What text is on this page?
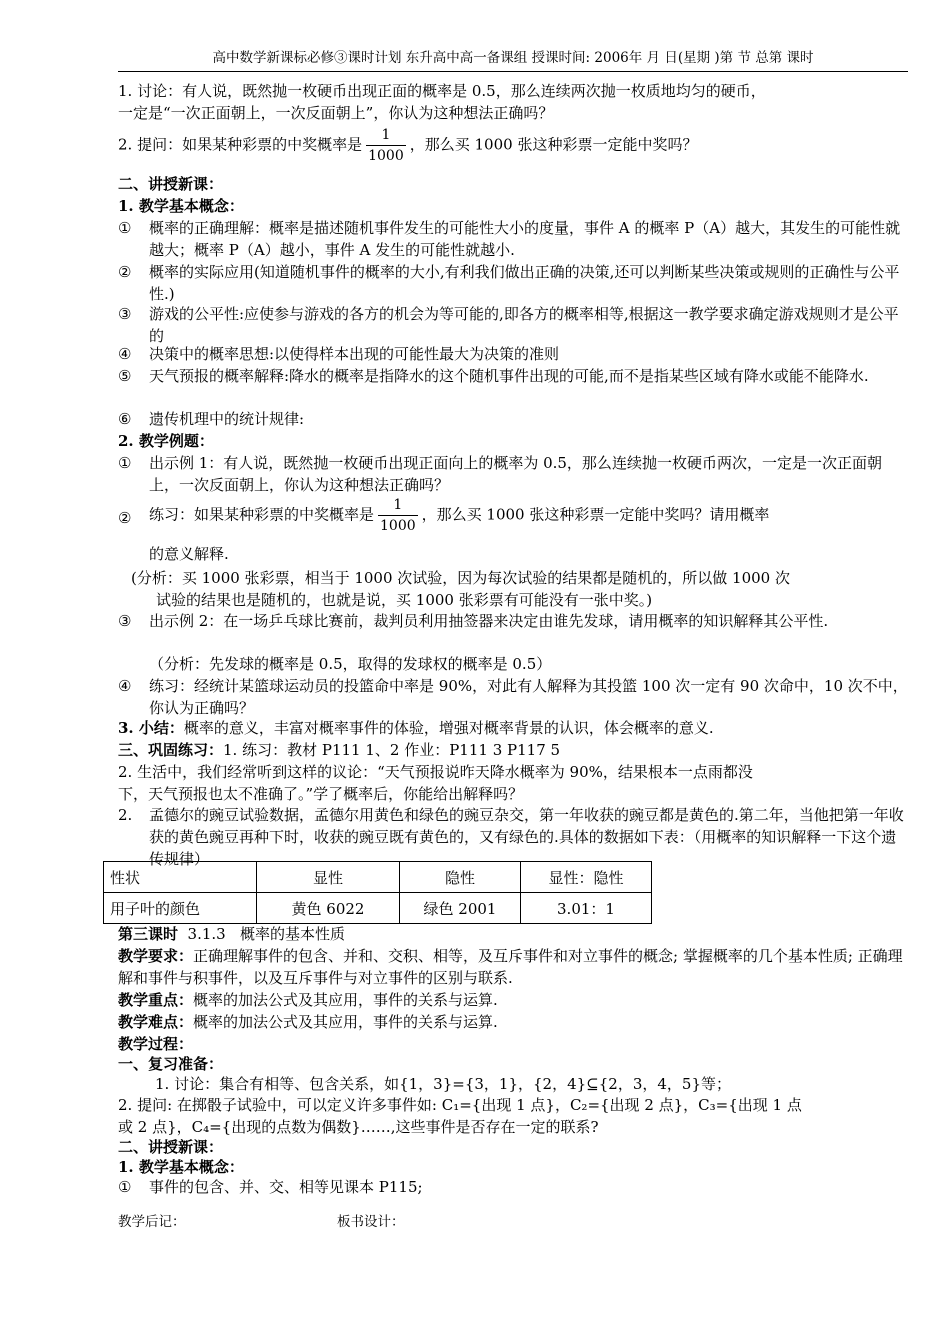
高中数学新课标必修③课时计划 东升高中高一备课组 授课时间: 2006年 月 日(星期 )第 节 总第 课时
1. 讨论：有人说，既然抛一枚硬币出现正面的概率是 0.5，那么连续两次抛一枚质地均匀的硬币，
一定是“一次正面朝上，一次反面朝上”，你认为这种想法正确吗？
2. 提问：如果某种彩票的中奖概率是 $\frac{1}{1000}$ ，那么买 1000 张这种彩票一定能中奖吗？
二、讲授新课：
1. 教学基本概念：
①	概率的正确理解：概率是描述随机事件发生的可能性大小的度量，事件 A 的概率 P（A）越大，其发生的可能性就越大；概率 P（A）越小，事件 A 发生的可能性就越小.
②	概率的实际应用(知道随机事件的概率的大小,有利我们做出正确的决策,还可以判断某些决策或规则的正确性与公平性.)
③	游戏的公平性:应使参与游戏的各方的机会为等可能的,即各方的概率相等,根据这一教学要求确定游戏规则才是公平的
④	决策中的概率思想:以使得样本出现的可能性最大为决策的准则
⑤	天气预报的概率解释:降水的概率是指降水的这个随机事件出现的可能,而不是指某些区域有降水或能不能降水.
⑥	遗传机理中的统计规律:
2. 教学例题：
①	出示例 1：有人说，既然抛一枚硬币出现正面向上的概率为 0.5，那么连续抛一枚硬币两次，一定是一次正面朝上，一次反面朝上，你认为这种想法正确吗？
②	练习：如果某种彩票的中奖概率是 $\frac{1}{1000}$ ，那么买 1000 张这种彩票一定能中奖吗？请用概率
的意义解释.
(分析：买 1000 张彩票，相当于 1000 次试验，因为每次试验的结果都是随机的，所以做 1000 次
试验的结果也是随机的，也就是说，买 1000 张彩票有可能没有一张中奖。)
③	出示例 2：在一场乒乓球比赛前，裁判员利用抽签器来决定由谁先发球，请用概率的知识解释其公平性.
（分析：先发球的概率是 0.5，取得的发球权的概率是 0.5）
④	练习：经统计某篮球运动员的投篮命中率是 90%，对此有人解释为其投篮 100 次一定有 90 次命中，10 次不中，你认为正确吗？
3. 小结：概率的意义，丰富对概率事件的体验，增强对概率背景的认识，体会概率的意义.
三、巩固练习：1. 练习：教材 P111 1、2 作业：P111 3 P117 5
2. 生活中，我们经常听到这样的议论：“天气预报说昨天降水概率为 90%，结果根本一点雨都没
下，天气预报也太不准确了。”学了概率后，你能给出解释吗？
2.	孟德尔的豌豆试验数据，孟德尔用黄色和绿色的豌豆杂交，第一年收获的豌豆都是黄色的.第二年，当他把第一年收获的黄色豌豆再种下时，收获的豌豆既有黄色的，又有绿色的.具体的数据如下表：（用概率的知识解释一下这个遗传规律）
性状	显性	隐性	显性：隐性
用子叶的颜色	黄色 6022	绿色 2001	3.01：1
第三课时  3.1.3   概率的基本性质
教学要求：正确理解事件的包含、并和、交积、相等，及互斥事件和对立事件的概念; 掌握概率的几个基本性质; 正确理解和事件与积事件，以及互斥事件与对立事件的区别与联系.
教学重点：概率的加法公式及其应用，事件的关系与运算.
教学难点：概率的加法公式及其应用，事件的关系与运算.
教学过程：
一、复习准备：
1. 讨论：集合有相等、包含关系，如{1，3}={3，1}，{2，4}⊆{2，3，4，5}等；
2. 提问: 在掷骰子试验中，可以定义许多事件如: C₁={出现 1 点}，C₂={出现 2 点}，C₃={出现 1 点
或 2 点}，C₄={出现的点数为偶数}……,这些事件是否存在一定的联系?
二、讲授新课：
1. 教学基本概念：
①	事件的包含、并、交、相等见课本 P115;
教学后记：	板书设计：
